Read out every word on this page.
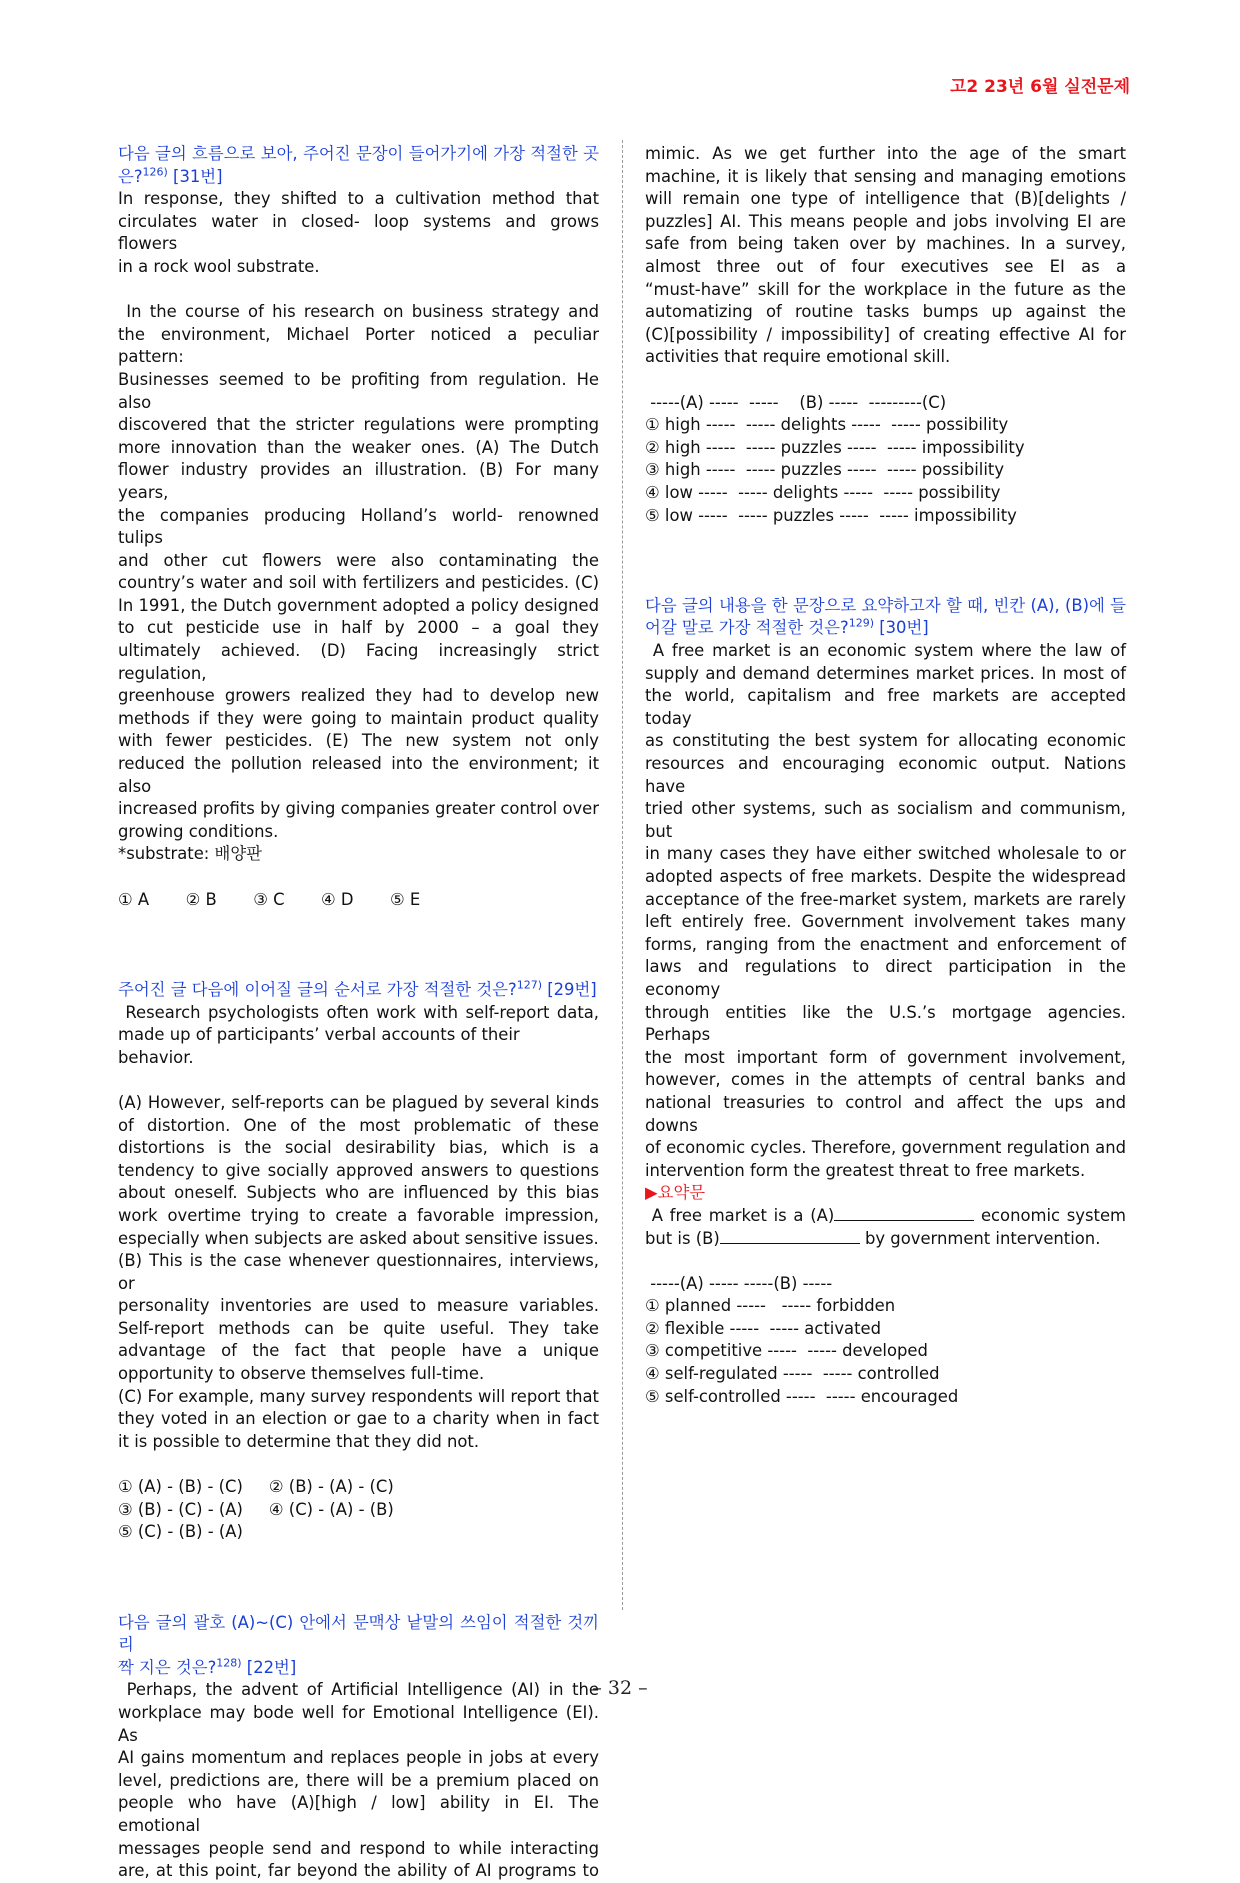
고2 23년 6월 실전문제

다음 글의 흐름으로 보아, 주어진 문장이 들어가기에 가장 적절한 곳

은?$^{126)}$ [31번]

In response, they shifted to a cultivation method that

circulates water in closed- loop systems and grows flowers

in a rock wool substrate.

In the course of his research on business strategy and

the environment, Michael Porter noticed a peculiar pattern:

Businesses seemed to be profiting from regulation. He also

discovered that the stricter regulations were prompting

more innovation than the weaker ones. (A) The Dutch

flower industry provides an illustration. (B) For many years,

the companies producing Holland’s world- renowned tulips

and other cut flowers were also contaminating the

country’s water and soil with fertilizers and pesticides. (C)

In 1991, the Dutch government adopted a policy designed

to cut pesticide use in half by 2000 – a goal they

ultimately achieved. (D) Facing increasingly strict regulation,

greenhouse growers realized they had to develop new

methods if they were going to maintain product quality

with fewer pesticides. (E) The new system not only

reduced the pollution released into the environment; it also

increased profits by giving companies greater control over

growing conditions.

*substrate: 배양판

① A       ② B       ③ C       ④ D       ⑤ E

주어진 글 다음에 이어질 글의 순서로 가장 적절한 것은?$^{127)}$ [29번]

Research psychologists often work with self-report data,

made up of participants’ verbal accounts of their behavior.

(A) However, self-reports can be plagued by several kinds

of distortion. One of the most problematic of these

distortions is the social desirability bias, which is a

tendency to give socially approved answers to questions

about oneself. Subjects who are influenced by this bias

work overtime trying to create a favorable impression,

especially when subjects are asked about sensitive issues.

(B) This is the case whenever questionnaires, interviews, or

personality inventories are used to measure variables.

Self-report methods can be quite useful. They take

advantage of the fact that people have a unique

opportunity to observe themselves full-time.

(C) For example, many survey respondents will report that

they voted in an election or gae to a charity when in fact

it is possible to determine that they did not.

① (A) - (B) - (C)     ② (B) - (A) - (C)

③ (B) - (C) - (A)     ④ (C) - (A) - (B)

⑤ (C) - (B) - (A)

다음 글의 괄호 (A)~(C) 안에서 문맥상 낱말의 쓰임이 적절한 것끼리

짝 지은 것은?$^{128)}$ [22번]

Perhaps, the advent of Artificial Intelligence (AI) in the

workplace may bode well for Emotional Intelligence (EI). As

AI gains momentum and replaces people in jobs at every

level, predictions are, there will be a premium placed on

people who have (A)[high / low] ability in EI. The emotional

messages people send and respond to while interacting

are, at this point, far beyond the ability of AI programs to

mimic. As we get further into the age of the smart

machine, it is likely that sensing and managing emotions

will remain one type of intelligence that (B)[delights /

puzzles] AI. This means people and jobs involving EI are

safe from being taken over by machines. In a survey,

almost three out of four executives see EI as a

“must-have” skill for the workplace in the future as the

automatizing of routine tasks bumps up against the

(C)[possibility / impossibility] of creating effective AI for

activities that require emotional skill.

-----(A) -----  -----    (B) -----  ---------(C)

① high -----  ----- delights -----  ----- possibility

② high -----  ----- puzzles -----  ----- impossibility

③ high -----  ----- puzzles -----  ----- possibility

④ low -----  ----- delights -----  ----- possibility

⑤ low -----  ----- puzzles -----  ----- impossibility

다음 글의 내용을 한 문장으로 요약하고자 할 때, 빈칸 (A), (B)에 들

어갈 말로 가장 적절한 것은?$^{129)}$ [30번]

A free market is an economic system where the law of

supply and demand determines market prices. In most of

the world, capitalism and free markets are accepted today

as constituting the best system for allocating economic

resources and encouraging economic output. Nations have

tried other systems, such as socialism and communism, but

in many cases they have either switched wholesale to or

adopted aspects of free markets. Despite the widespread

acceptance of the free-market system, markets are rarely

left entirely free. Government involvement takes many

forms, ranging from the enactment and enforcement of

laws and regulations to direct participation in the economy

through entities like the U.S.’s mortgage agencies. Perhaps

the most important form of government involvement,

however, comes in the attempts of central banks and

national treasuries to control and affect the ups and downs

of economic cycles. Therefore, government regulation and

intervention form the greatest threat to free markets.

▶요약문

A free market is a (A)	economic system

but is (B)	by government intervention.

-----(A) ----- -----(B) -----

① planned -----   ----- forbidden

② flexible -----  ----- activated

③ competitive -----  ----- developed

④ self-regulated -----  ----- controlled

⑤ self-controlled -----  ----- encouraged

– 32 –
